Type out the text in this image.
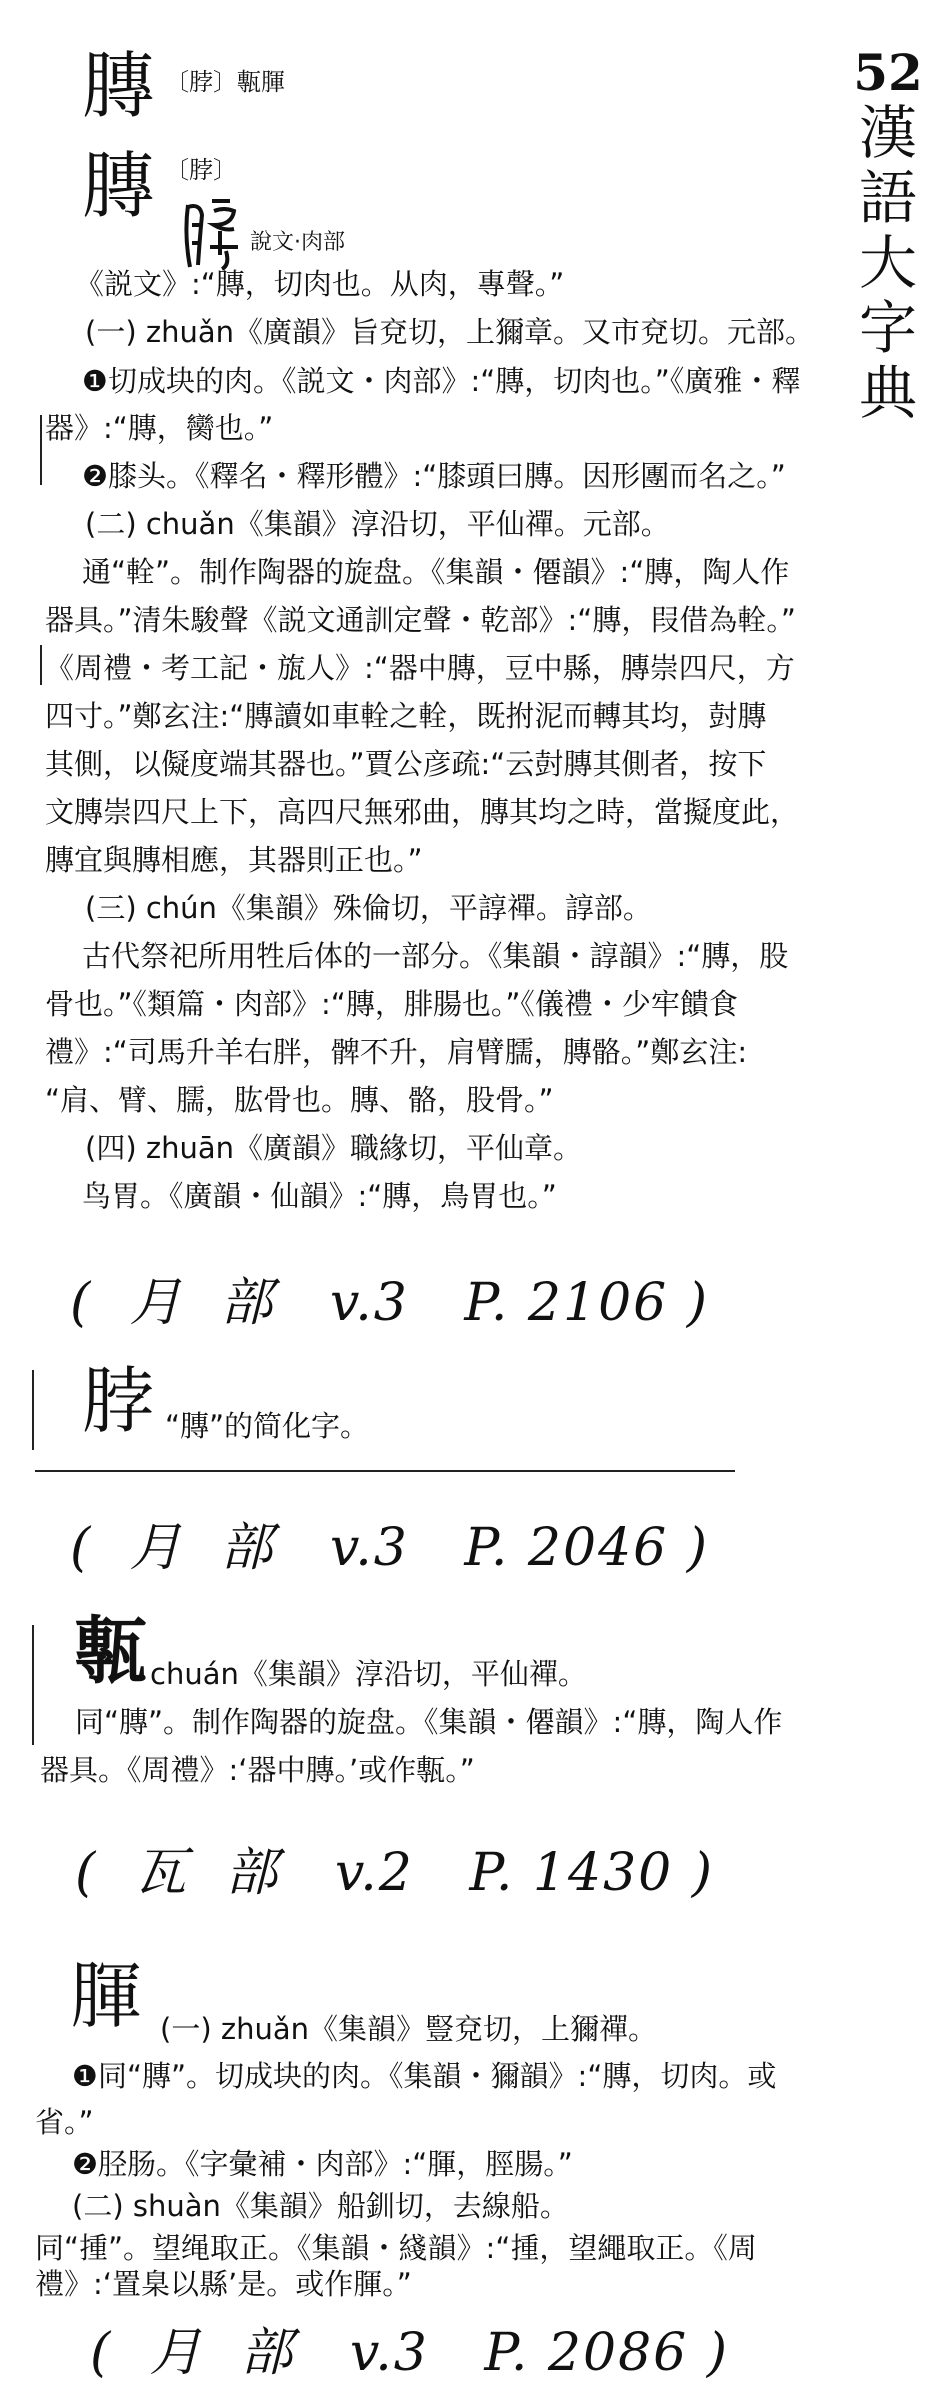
52
漢
語
大
字
典
膞 〔脖〕甎腪
膞 〔脖〕
說文·肉部
《説文》:“膞，切肉也。从肉，專聲。”
(一) zhuǎn《廣韻》旨兗切，上獮章。又市兗切。元部。
❶切成块的肉。《説文・肉部》:“膞，切肉也。”《廣雅・釋
器》:“膞，臠也。”
❷膝头。《釋名・釋形體》:“膝頭曰膞。因形團而名之。”
(二) chuǎn《集韻》淳沿切，平仙禪。元部。
通“輇”。制作陶器的旋盘。《集韻・僊韻》:“膞，陶人作
器具。”清朱駿聲《説文通訓定聲・乾部》:“膞，叚借為輇。”
《周禮・考工記・旊人》:“器中膞，豆中縣，膞崇四尺，方
四寸。”鄭玄注:“膞讀如車輇之輇，既拊泥而轉其均，尌膞
其側，以儗度端其器也。”賈公彦疏:“云尌膞其側者，按下
文膞崇四尺上下，高四尺無邪曲，膞其均之時，當擬度此，
膞宜與膞相應，其器則正也。”
(三) chún《集韻》殊倫切，平諄禪。諄部。
古代祭祀所用牲后体的一部分。《集韻・諄韻》:“膞，股
骨也。”《類篇・肉部》:“膞，腓腸也。”《儀禮・少牢饋食
禮》:“司馬升羊右胖，髀不升，肩臂臑，膞骼。”鄭玄注:
“肩、臂、臑，肱骨也。膞、骼，股骨。”
(四) zhuān《廣韻》職緣切，平仙章。
鸟胃。《廣韻・仙韻》:“膞，鳥胃也。”
(  月  部   v.3   P. 2106 )
脖 “膞”的简化字。
(  月  部   v.3   P. 2046 )
甎 chuán《集韻》淳沿切，平仙禪。
同“膞”。制作陶器的旋盘。《集韻・僊韻》:“膞，陶人作
器具。《周禮》:‘器中膞。’或作甎。”
(  瓦  部   v.2   P. 1430 )
腪 (一) zhuǎn《集韻》豎兗切，上獮禪。
❶同“膞”。切成块的肉。《集韻・獮韻》:“膞，切肉。或
省。”
❷胫肠。《字彙補・肉部》:“腪，脛腸。”
(二) shuàn《集韻》船釧切，去線船。
同“揰”。望绳取正。《集韻・綫韻》:“揰，望繩取正。《周
禮》:‘置臬以縣’是。或作腪。”
(  月  部   v.3   P. 2086 )
